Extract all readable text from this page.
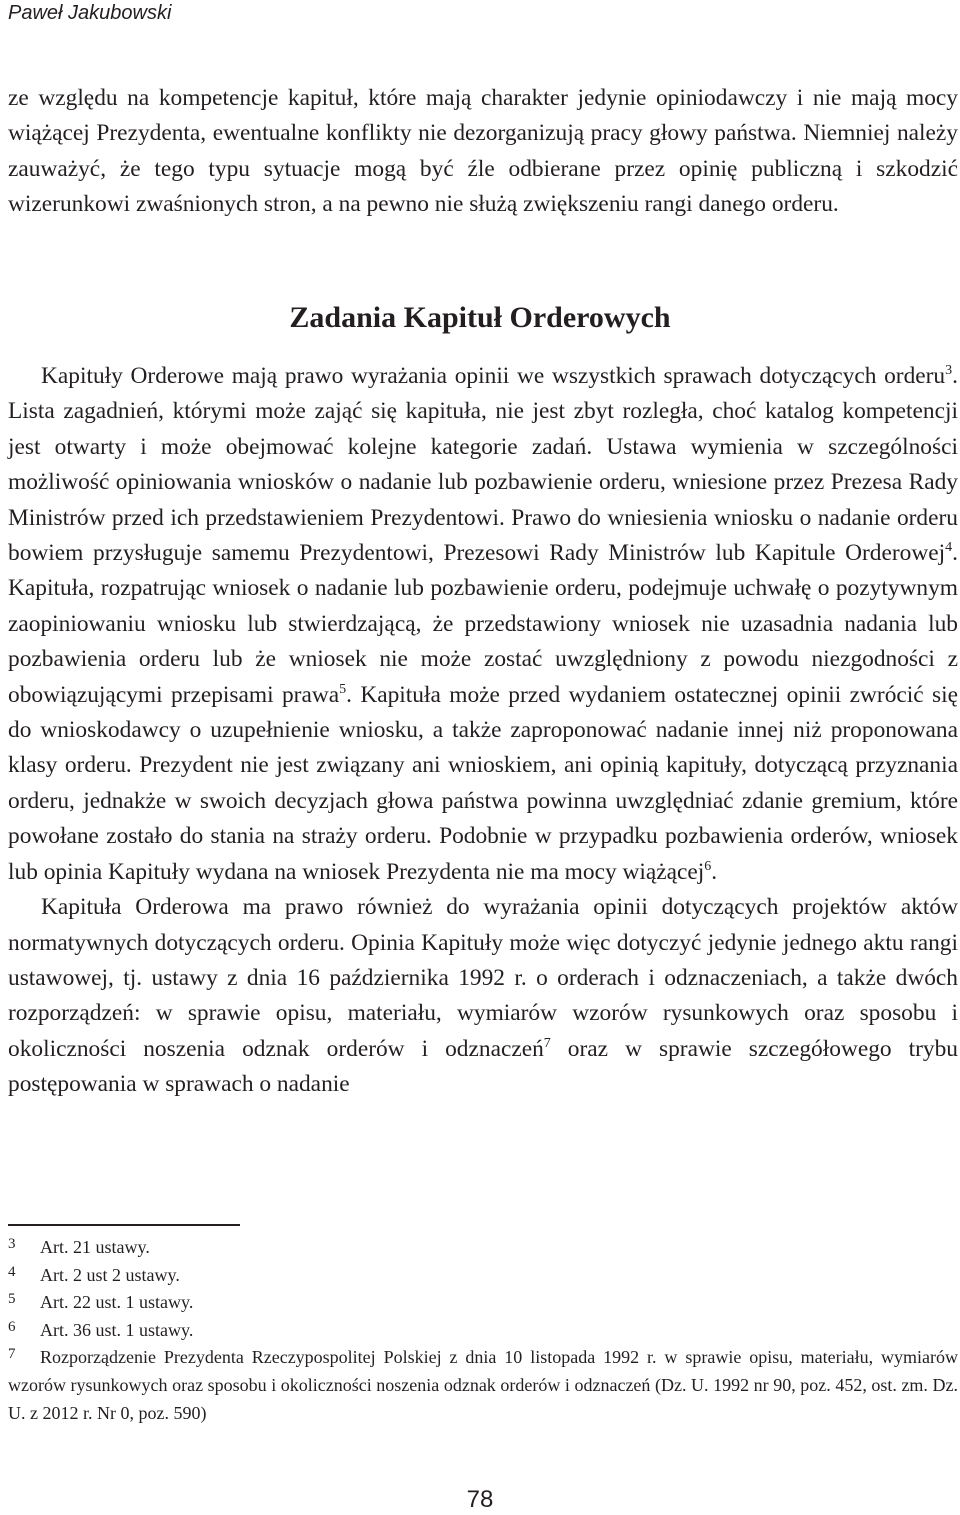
Paweł Jakubowski

ze względu na kompetencje kapituł, które mają charakter jedynie opiniodawczy i nie mają mocy wiążącej Prezydenta, ewentualne konflikty nie dezorganizują pracy głowy państwa. Niemniej należy zauważyć, że tego typu sytuacje mogą być źle odbierane przez opinię publiczną i szkodzić wizerunkowi zwaśnionych stron, a na pewno nie służą zwiększeniu rangi danego orderu.

Zadania Kapituł Orderowych

Kapituły Orderowe mają prawo wyrażania opinii we wszystkich sprawach dotyczących orderu$^3$. Lista zagadnień, którymi może zająć się kapituła, nie jest zbyt rozległa, choć katalog kompetencji jest otwarty i może obejmować kolejne kategorie zadań. Ustawa wymienia w szczególności możliwość opiniowania wniosków o nadanie lub pozbawienie orderu, wniesione przez Prezesa Rady Ministrów przed ich przedstawieniem Prezydentowi. Prawo do wniesienia wniosku o nadanie orderu bowiem przysługuje samemu Prezydentowi, Prezesowi Rady Ministrów lub Kapitule Orderowej$^4$. Kapituła, rozpatrując wniosek o nadanie lub pozbawienie orderu, podejmuje uchwałę o pozytywnym zaopiniowaniu wniosku lub stwierdzającą, że przedstawiony wniosek nie uzasadnia nadania lub pozbawienia orderu lub że wniosek nie może zostać uwzględniony z powodu niezgodności z obowiązującymi przepisami prawa$^5$. Kapituła może przed wydaniem ostatecznej opinii zwrócić się do wnioskodawcy o uzupełnienie wniosku, a także zaproponować nadanie innej niż proponowana klasy orderu. Prezydent nie jest związany ani wnioskiem, ani opinią kapituły, dotyczącą przyznania orderu, jednakże w swoich decyzjach głowa państwa powinna uwzględniać zdanie gremium, które powołane zostało do stania na straży orderu. Podobnie w przypadku pozbawienia orderów, wniosek lub opinia Kapituły wydana na wniosek Prezydenta nie ma mocy wiążącej$^6$.

Kapituła Orderowa ma prawo również do wyrażania opinii dotyczących projektów aktów normatywnych dotyczących orderu. Opinia Kapituły może więc dotyczyć jedynie jednego aktu rangi ustawowej, tj. ustawy z dnia 16 października 1992 r. o orderach i odznaczeniach, a także dwóch rozporządzeń: w sprawie opisu, materiału, wymiarów wzorów rysunkowych oraz sposobu i okoliczności noszenia odznak orderów i odznaczeń$^7$ oraz w sprawie szczegółowego trybu postępowania w sprawach o nadanie

3 Art. 21 ustawy.
4 Art. 2 ust 2 ustawy.
5 Art. 22 ust. 1 ustawy.
6 Art. 36 ust. 1 ustawy.
7 Rozporządzenie Prezydenta Rzeczypospolitej Polskiej z dnia 10 listopada 1992 r. w sprawie opisu, materiału, wymiarów wzorów rysunkowych oraz sposobu i okoliczności noszenia odznak orderów i odznaczeń (Dz. U. 1992 nr 90, poz. 452, ost. zm. Dz. U. z 2012 r. Nr 0, poz. 590)
78
